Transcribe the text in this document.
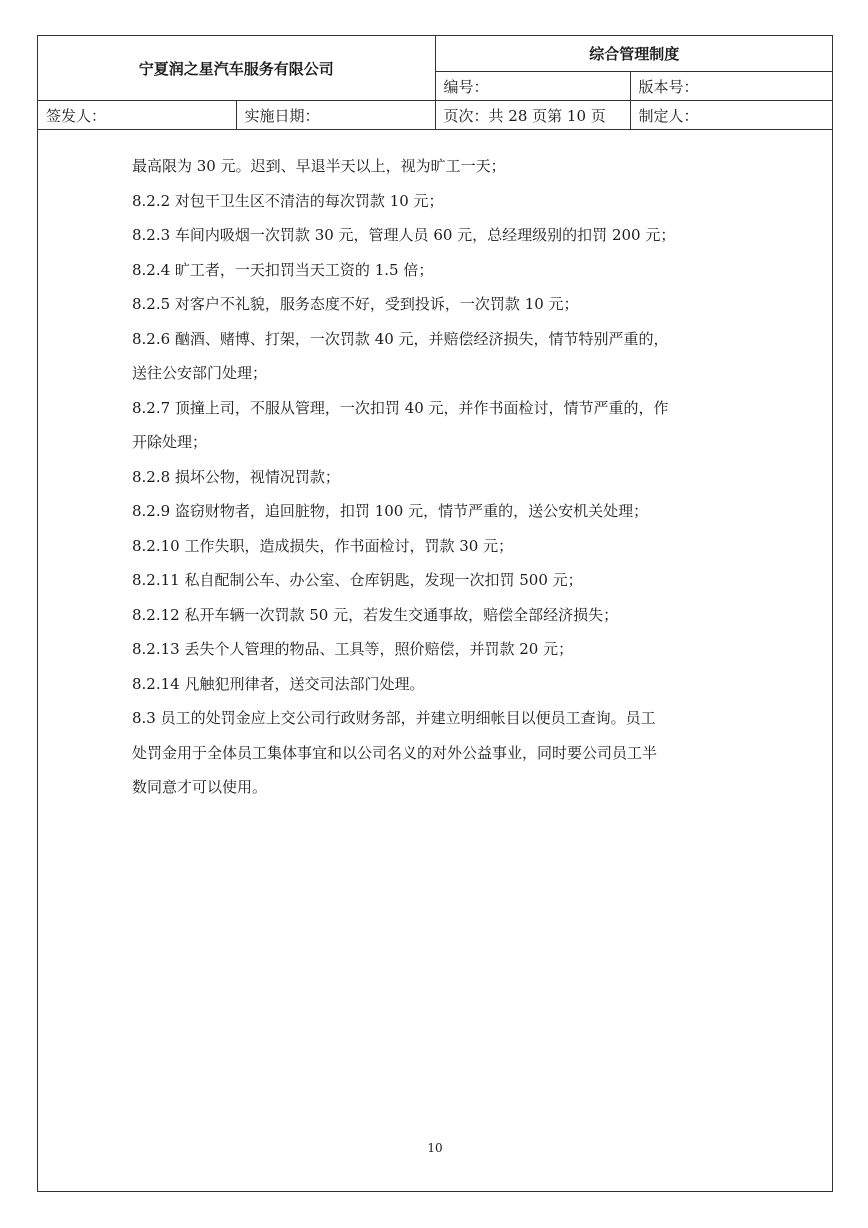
宁夏润之星汽车服务有限公司		综合管理制度	
		编号：	版本号：
签发人：	实施日期：	页次：共 28 页第 10 页	制定人：

最高限为 30 元。迟到、早退半天以上，视为旷工一天；

8.2.2 对包干卫生区不清洁的每次罚款 10 元；

8.2.3 车间内吸烟一次罚款 30 元，管理人员 60 元，总经理级别的扣罚 200 元；

8.2.4 旷工者，一天扣罚当天工资的 1.5 倍；

8.2.5 对客户不礼貌，服务态度不好，受到投诉，一次罚款 10 元；

8.2.6 酗酒、赌博、打架，一次罚款 40 元，并赔偿经济损失，情节特别严重的，

送往公安部门处理；

8.2.7 顶撞上司，不服从管理，一次扣罚 40 元，并作书面检讨，情节严重的，作

开除处理；

8.2.8 损坏公物，视情况罚款；

8.2.9 盗窃财物者，追回脏物，扣罚 100 元，情节严重的，送公安机关处理；

8.2.10 工作失职，造成损失，作书面检讨，罚款 30 元；

8.2.11 私自配制公车、办公室、仓库钥匙，发现一次扣罚 500 元；

8.2.12 私开车辆一次罚款 50 元，若发生交通事故，赔偿全部经济损失；

8.2.13 丢失个人管理的物品、工具等，照价赔偿，并罚款 20 元；

8.2.14 凡触犯刑律者，送交司法部门处理。

8.3 员工的处罚金应上交公司行政财务部，并建立明细帐目以便员工查询。员工

处罚金用于全体员工集体事宜和以公司名义的对外公益事业，同时要公司员工半

数同意才可以使用。

10
